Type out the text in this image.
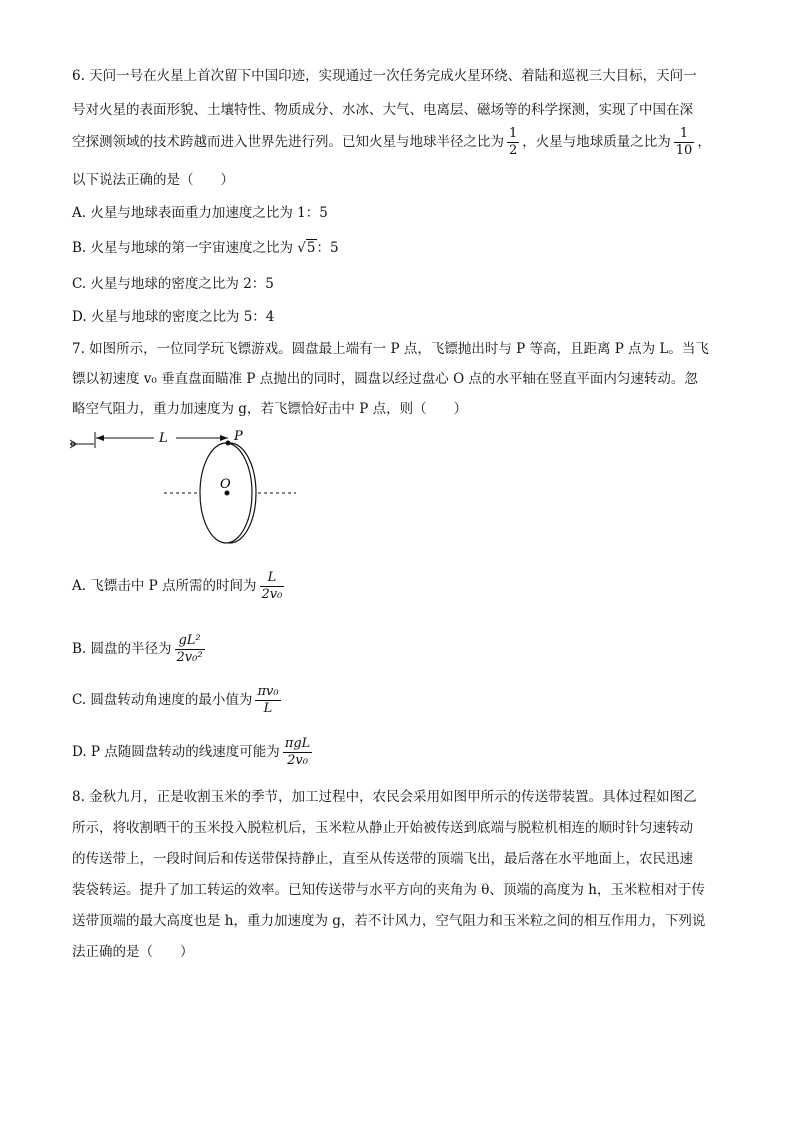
6. 天问一号在火星上首次留下中国印迹，实现通过一次任务完成火星环绕、着陆和巡视三大目标，天问一
号对火星的表面形貌、土壤特性、物质成分、水冰、大气、电离层、磁场等的科学探测，实现了中国在深
空探测领域的技术跨越而进入世界先进行列。已知火星与地球半径之比为 $\frac{1}{2}$ ，火星与地球质量之比为 $\frac{1}{10}$ ，
以下说法正确的是（　　）
A. 火星与地球表面重力加速度之比为 1：5
B. 火星与地球的第一宇宙速度之比为 √5：5
C. 火星与地球的密度之比为 2：5
D. 火星与地球的密度之比为 5：4
7. 如图所示，一位同学玩飞镖游戏。圆盘最上端有一 P 点，飞镖抛出时与 P 等高，且距离 P 点为 L。当飞
镖以初速度 v₀ 垂直盘面瞄准 P 点抛出的同时，圆盘以经过盘心 O 点的水平轴在竖直平面内匀速转动。忽
略空气阻力，重力加速度为 g，若飞镖恰好击中 P 点，则（　　）
L	P
O
A. 飞镖击中 P 点所需的时间为 $\frac{L}{\text{2v₀}}$
B. 圆盘的半径为 $\frac{\text{gL²}}{\text{2v₀²}}$
C. 圆盘转动角速度的最小值为 $\frac{\text{πv₀}}{L}$
D. P 点随圆盘转动的线速度可能为 $\frac{\text{πgL}}{\text{2v₀}}$
8. 金秋九月，正是收割玉米的季节，加工过程中，农民会采用如图甲所示的传送带装置。具体过程如图乙
所示，将收割晒干的玉米投入脱粒机后，玉米粒从静止开始被传送到底端与脱粒机相连的顺时针匀速转动
的传送带上，一段时间后和传送带保持静止，直至从传送带的顶端飞出，最后落在水平地面上，农民迅速
装袋转运。提升了加工转运的效率。已知传送带与水平方向的夹角为 θ、顶端的高度为 h，玉米粒相对于传
送带顶端的最大高度也是 h，重力加速度为 g，若不计风力，空气阻力和玉米粒之间的相互作用力，下列说
法正确的是（　　）
